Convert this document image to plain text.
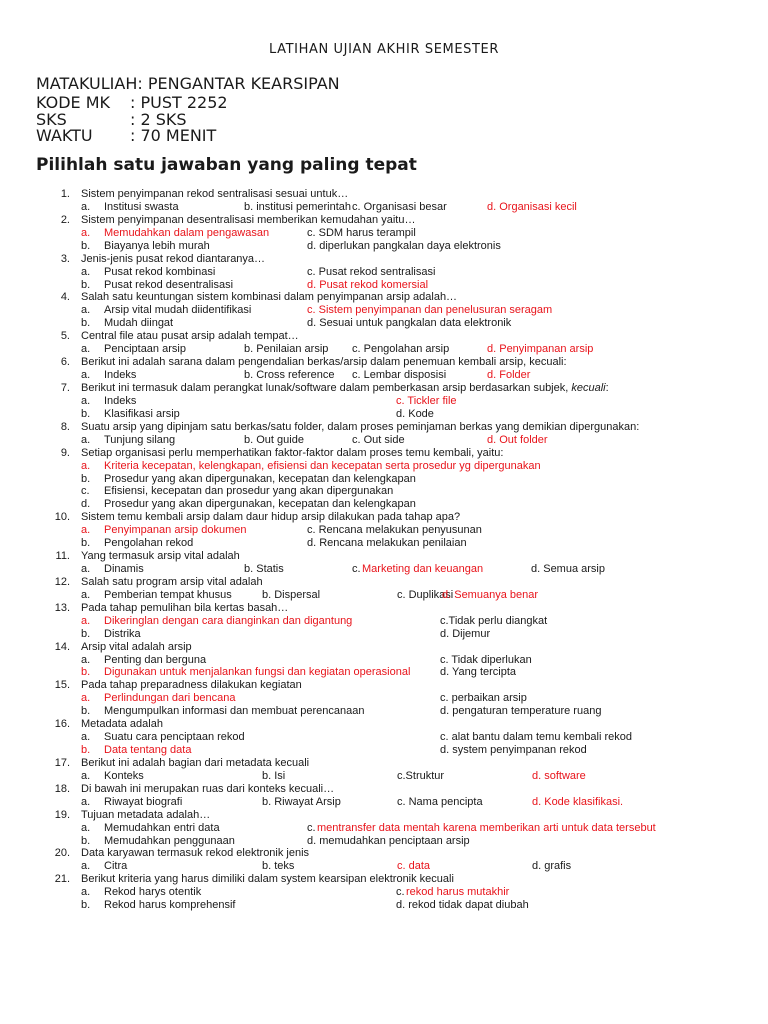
LATIHAN UJIAN AKHIR SEMESTER
MATAKULIAH: PENGANTAR KEARSIPAN
KODE MK : PUST 2252
SKS	: 2 SKS
WAKTU : 70 MENIT
Pilihlah satu jawaban yang paling tepat
1. Sistem penyimpanan rekod sentralisasi sesuai untuk…
a. Institusi swasta	b. institusi pemerintah c. Organisasi besar	d. Organisasi kecil
2. Sistem penyimpanan desentralisasi memberikan kemudahan yaitu…
a. Memudahkan dalam pengawasan	c. SDM harus terampil
b. Biayanya lebih murah	d. diperlukan pangkalan daya elektronis
3. Jenis-jenis pusat rekod diantaranya…
a. Pusat rekod kombinasi	c. Pusat rekod sentralisasi
b. Pusat rekod desentralisasi	d. Pusat rekod komersial
4. Salah satu keuntungan sistem kombinasi dalam penyimpanan arsip adalah…
a. Arsip vital mudah diidentifikasi	c. Sistem penyimpanan dan penelusuran seragam
b. Mudah diingat	d. Sesuai untuk pangkalan data elektronik
5. Central file atau pusat arsip adalah tempat…
a. Penciptaan arsip	b. Penilaian arsip c. Pengolahan arsip	d. Penyimpanan arsip
6. Berikut ini adalah sarana dalam pengendalian berkas/arsip dalam penemuan kembali arsip, kecuali:
a. Indeks	b. Cross reference c. Lembar disposisi	d. Folder
7. Berikut ini termasuk dalam perangkat lunak/software dalam pemberkasan arsip berdasarkan subjek, kecuali:
a. Indeks	c. Tickler file
b. Klasifikasi arsip	d. Kode
8. Suatu arsip yang dipinjam satu berkas/satu folder, dalam proses peminjaman berkas yang demikian dipergunakan:
a. Tunjung silang	b. Out guide	c. Out side	d. Out folder
9. Setiap organisasi perlu memperhatikan faktor-faktor dalam proses temu kembali, yaitu:
a. Kriteria kecepatan, kelengkapan, efisiensi dan kecepatan serta prosedur yg dipergunakan
b. Prosedur yang akan dipergunakan, kecepatan dan kelengkapan
c. Efisiensi, kecepatan dan prosedur yang akan dipergunakan
d. Prosedur yang akan dipergunakan, kecepatan dan kelengkapan
10. Sistem temu kembali arsip dalam daur hidup arsip dilakukan pada tahap apa?
a. Penyimpanan arsip dokumen	c. Rencana melakukan penyusunan
b. Pengolahan rekod	d. Rencana melakukan penilaian
11. Yang termasuk arsip vital adalah
a. Dinamis	b. Statis	c. Marketing dan keuangan	d. Semua arsip
12. Salah satu program arsip vital adalah
a. Pemberian tempat khusus	b. Dispersal	c. Duplikasi
d. Semuanya benar
13. Pada tahap pemulihan bila kertas basah…
a. Dikeringlan dengan cara dianginkan dan digantung	c.Tidak perlu diangkat
b. Distrika	d. Dijemur
14. Arsip vital adalah arsip
a. Penting dan berguna	c. Tidak diperlukan
b. Digunakan untuk menjalankan fungsi dan kegiatan operasional	d. Yang tercipta
15. Pada tahap preparadness dilakukan kegiatan
a. Perlindungan dari bencana	c. perbaikan arsip
b. Mengumpulkan informasi dan membuat perencanaan	d. pengaturan temperature ruang
16. Metadata adalah
a. Suatu cara penciptaan rekod	c. alat bantu dalam temu kembali rekod
b. Data tentang data	d. system penyimpanan rekod
17. Berikut ini adalah bagian dari metadata kecuali
a. Konteks	b. Isi	c.Struktur	d. software
18. Di bawah ini merupakan ruas dari konteks kecuali…
a. Riwayat biografi	b. Riwayat Arsip	c. Nama pencipta	d. Kode klasifikasi.
19. Tujuan metadata adalah…
a. Memudahkan entri data	c. mentransfer data mentah karena memberikan arti untuk data tersebut
b. Memudahkan penggunaan	d. memudahkan penciptaan arsip
20. Data karyawan termasuk rekod elektronik jenis
a. Citra	b. teks	c. data	d. grafis
21. Berikut kriteria yang harus dimiliki dalam system kearsipan elektronik kecuali
a. Rekod harys otentik	c. rekod harus mutakhir
b. Rekod harus komprehensif	d. rekod tidak dapat diubah
